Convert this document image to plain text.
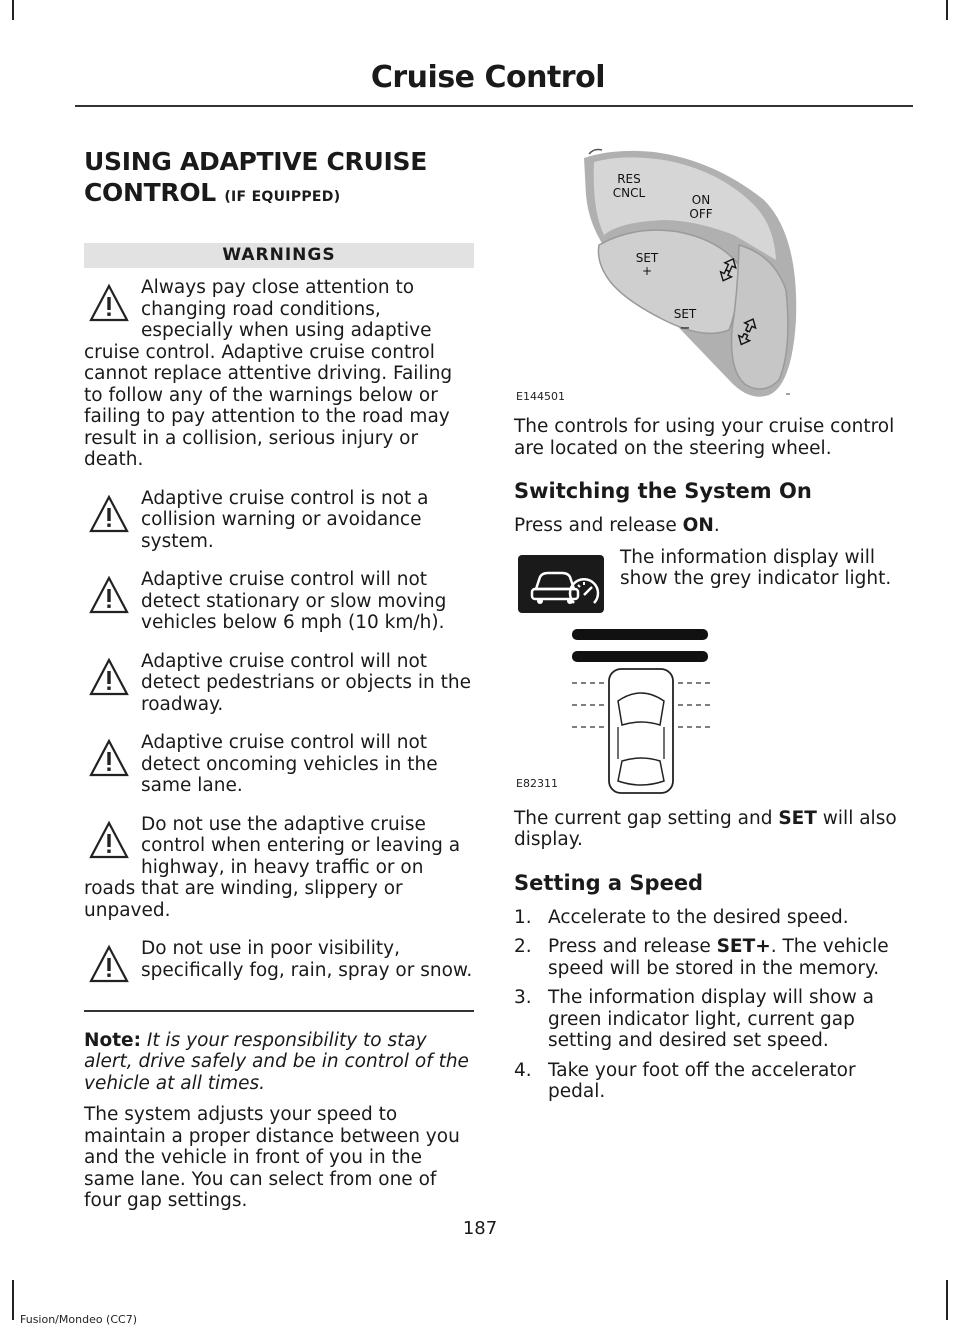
Cruise Control
USING ADAPTIVE CRUISE CONTROL (IF EQUIPPED)
WARNINGS
Always pay close attention to changing road conditions, especially when using adaptive cruise control. Adaptive cruise control cannot replace attentive driving. Failing to follow any of the warnings below or failing to pay attention to the road may result in a collision, serious injury or death.
Adaptive cruise control is not a collision warning or avoidance system.
Adaptive cruise control will not detect stationary or slow moving vehicles below 6 mph (10 km/h).
Adaptive cruise control will not detect pedestrians or objects in the roadway.
Adaptive cruise control will not detect oncoming vehicles in the same lane.
Do not use the adaptive cruise control when entering or leaving a highway, in heavy traffic or on roads that are winding, slippery or unpaved.
Do not use in poor visibility, specifically fog, rain, spray or snow.
Note: It is your responsibility to stay alert, drive safely and be in control of the vehicle at all times.
The system adjusts your speed to maintain a proper distance between you and the vehicle in front of you in the same lane. You can select from one of four gap settings.
RES
CNCL	ON
OFF
SET
+
SET
−
E144501
The controls for using your cruise control are located on the steering wheel.
Switching the System On
Press and release ON.
The information display will show the grey indicator light.
E82311
The current gap setting and SET will also display.
Setting a Speed
1. Accelerate to the desired speed.
2. Press and release SET+. The vehicle speed will be stored in the memory.
3. The information display will show a green indicator light, current gap setting and desired set speed.
4. Take your foot off the accelerator pedal.
187
Fusion/Mondeo (CC7)
